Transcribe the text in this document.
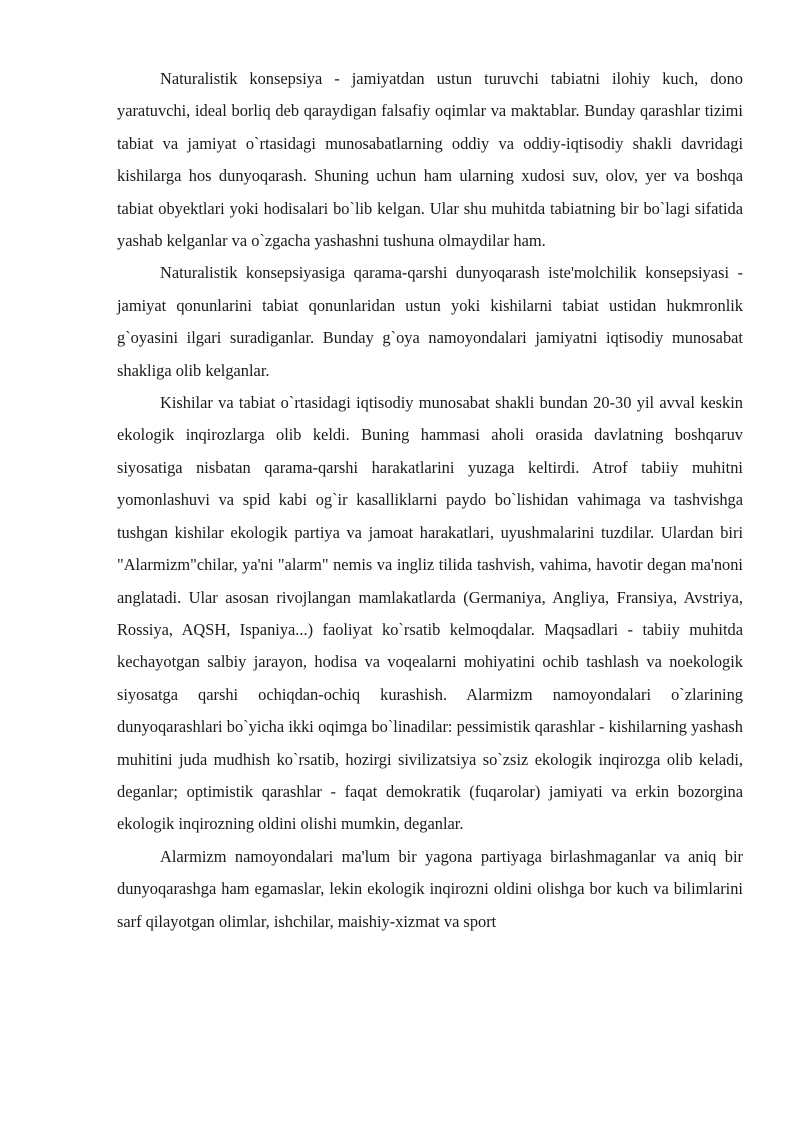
Naturalistik konsepsiya - jamiyatdan ustun turuvchi tabiatni ilohiy kuch, dono yaratuvchi, ideal borliq deb qaraydigan falsafiy oqimlar va maktablar. Bunday qarashlar tizimi tabiat va jamiyat o`rtasidagi munosabatlarning oddiy va oddiy-iqtisodiy shakli davridagi kishilarga hos dunyoqarash. Shuning uchun ham ularning xudosi suv, olov, yer va boshqa tabiat obyektlari yoki hodisalari bo`lib kelgan. Ular shu muhitda tabiatning bir bo`lagi sifatida yashab kelganlar va o`zgacha yashashni tushuna olmaydilar ham.

Naturalistik konsepsiyasiga qarama-qarshi dunyoqarash iste'molchilik konsepsiyasi - jamiyat qonunlarini tabiat qonunlaridan ustun yoki kishilarni tabiat ustidan hukmronlik g`oyasini ilgari suradiganlar. Bunday g`oya namoyondalari jamiyatni iqtisodiy munosabat shakliga olib kelganlar.

Kishilar va tabiat o`rtasidagi iqtisodiy munosabat shakli bundan 20-30 yil avval keskin ekologik inqirozlarga olib keldi. Buning hammasi aholi orasida davlatning boshqaruv siyosatiga nisbatan qarama-qarshi harakatlarini yuzaga keltirdi. Atrof tabiiy muhitni yomonlashuvi va spid kabi og`ir kasalliklarni paydo bo`lishidan vahimaga va tashvishga tushgan kishilar ekologik partiya va jamoat harakatlari, uyushmalarini tuzdilar. Ulardan biri "Alarmizm"chilar, ya'ni "alarm" nemis va ingliz tilida tashvish, vahima, havotir degan ma'noni anglatadi. Ular asosan rivojlangan mamlakatlarda (Germaniya, Angliya, Fransiya, Avstriya, Rossiya, AQSH, Ispaniya...) faoliyat ko`rsatib kelmoqdalar. Maqsadlari - tabiiy muhitda kechayotgan salbiy jarayon, hodisa va voqealarni mohiyatini ochib tashlash va noekologik siyosatga qarshi ochiqdan-ochiq kurashish. Alarmizm namoyondalari o`zlarining dunyoqarashlari bo`yicha ikki oqimga bo`linadilar: pessimistik qarashlar - kishilarning yashash muhitini juda mudhish ko`rsatib, hozirgi sivilizatsiya so`zsiz ekologik inqirozga olib keladi, deganlar; optimistik qarashlar - faqat demokratik (fuqarolar) jamiyati va erkin bozorgina ekologik inqirozning oldini olishi mumkin, deganlar.

Alarmizm namoyondalari ma'lum bir yagona partiyaga birlashmaganlar va aniq bir dunyoqarashga ham egamaslar, lekin ekologik inqirozni oldini olishga bor kuch va bilimlarini sarf qilayotgan olimlar, ishchilar, maishiy-xizmat va sport
